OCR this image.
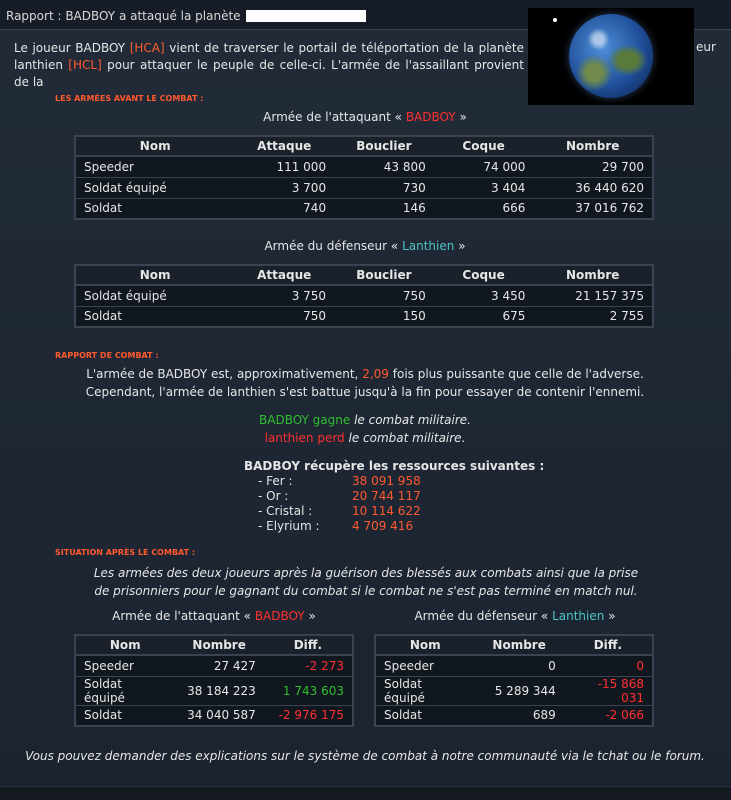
Rapport : BADBOY a attaqué la planète
Le joueur BADBOY [HCA] vient de traverser le portail de téléportation de la planète lanthien [HCL] pour attaquer le peuple de celle-ci. L'armée de l'assaillant provient de la
eur
LES ARMÉES AVANT LE COMBAT :
Armée de l'attaquant « BADBOY »
Nom	Attaque	Bouclier	Coque	Nombre
Speeder	111 000	43 800	74 000	29 700
Soldat équipé	3 700	730	3 404	36 440 620
Soldat	740	146	666	37 016 762
Armée du défenseur « Lanthien »
Nom	Attaque	Bouclier	Coque	Nombre
Soldat équipé	3 750	750	3 450	21 157 375
Soldat	750	150	675	2 755
RAPPORT DE COMBAT :
L'armée de BADBOY est, approximativement, 2,09 fois plus puissante que celle de l'adverse.
Cependant, l'armée de lanthien s'est battue jusqu'à la fin pour essayer de contenir l'ennemi.
BADBOY gagne le combat militaire.
lanthien perd le combat militaire.
BADBOY récupère les ressources suivantes :
- Fer :	38 091 958
- Or :	20 744 117
- Cristal :	10 114 622
- Elyrium :	4 709 416
SITUATION APRÈS LE COMBAT :
Les armées des deux joueurs après la guérison des blessés aux combats ainsi que la prise
de prisonniers pour le gagnant du combat si le combat ne s'est pas terminé en match nul.
Armée de l'attaquant « BADBOY »	Armée du défenseur « Lanthien »
Nom	Nombre	Diff.
Speeder	27 427	-2 273
Soldat équipé	38 184 223	1 743 603
Soldat	34 040 587	-2 976 175
Nom	Nombre	Diff.
Speeder	0	0
Soldat équipé	5 289 344	-15 868 031
Soldat	689	-2 066
Vous pouvez demander des explications sur le système de combat à notre communauté via le tchat ou le forum.
